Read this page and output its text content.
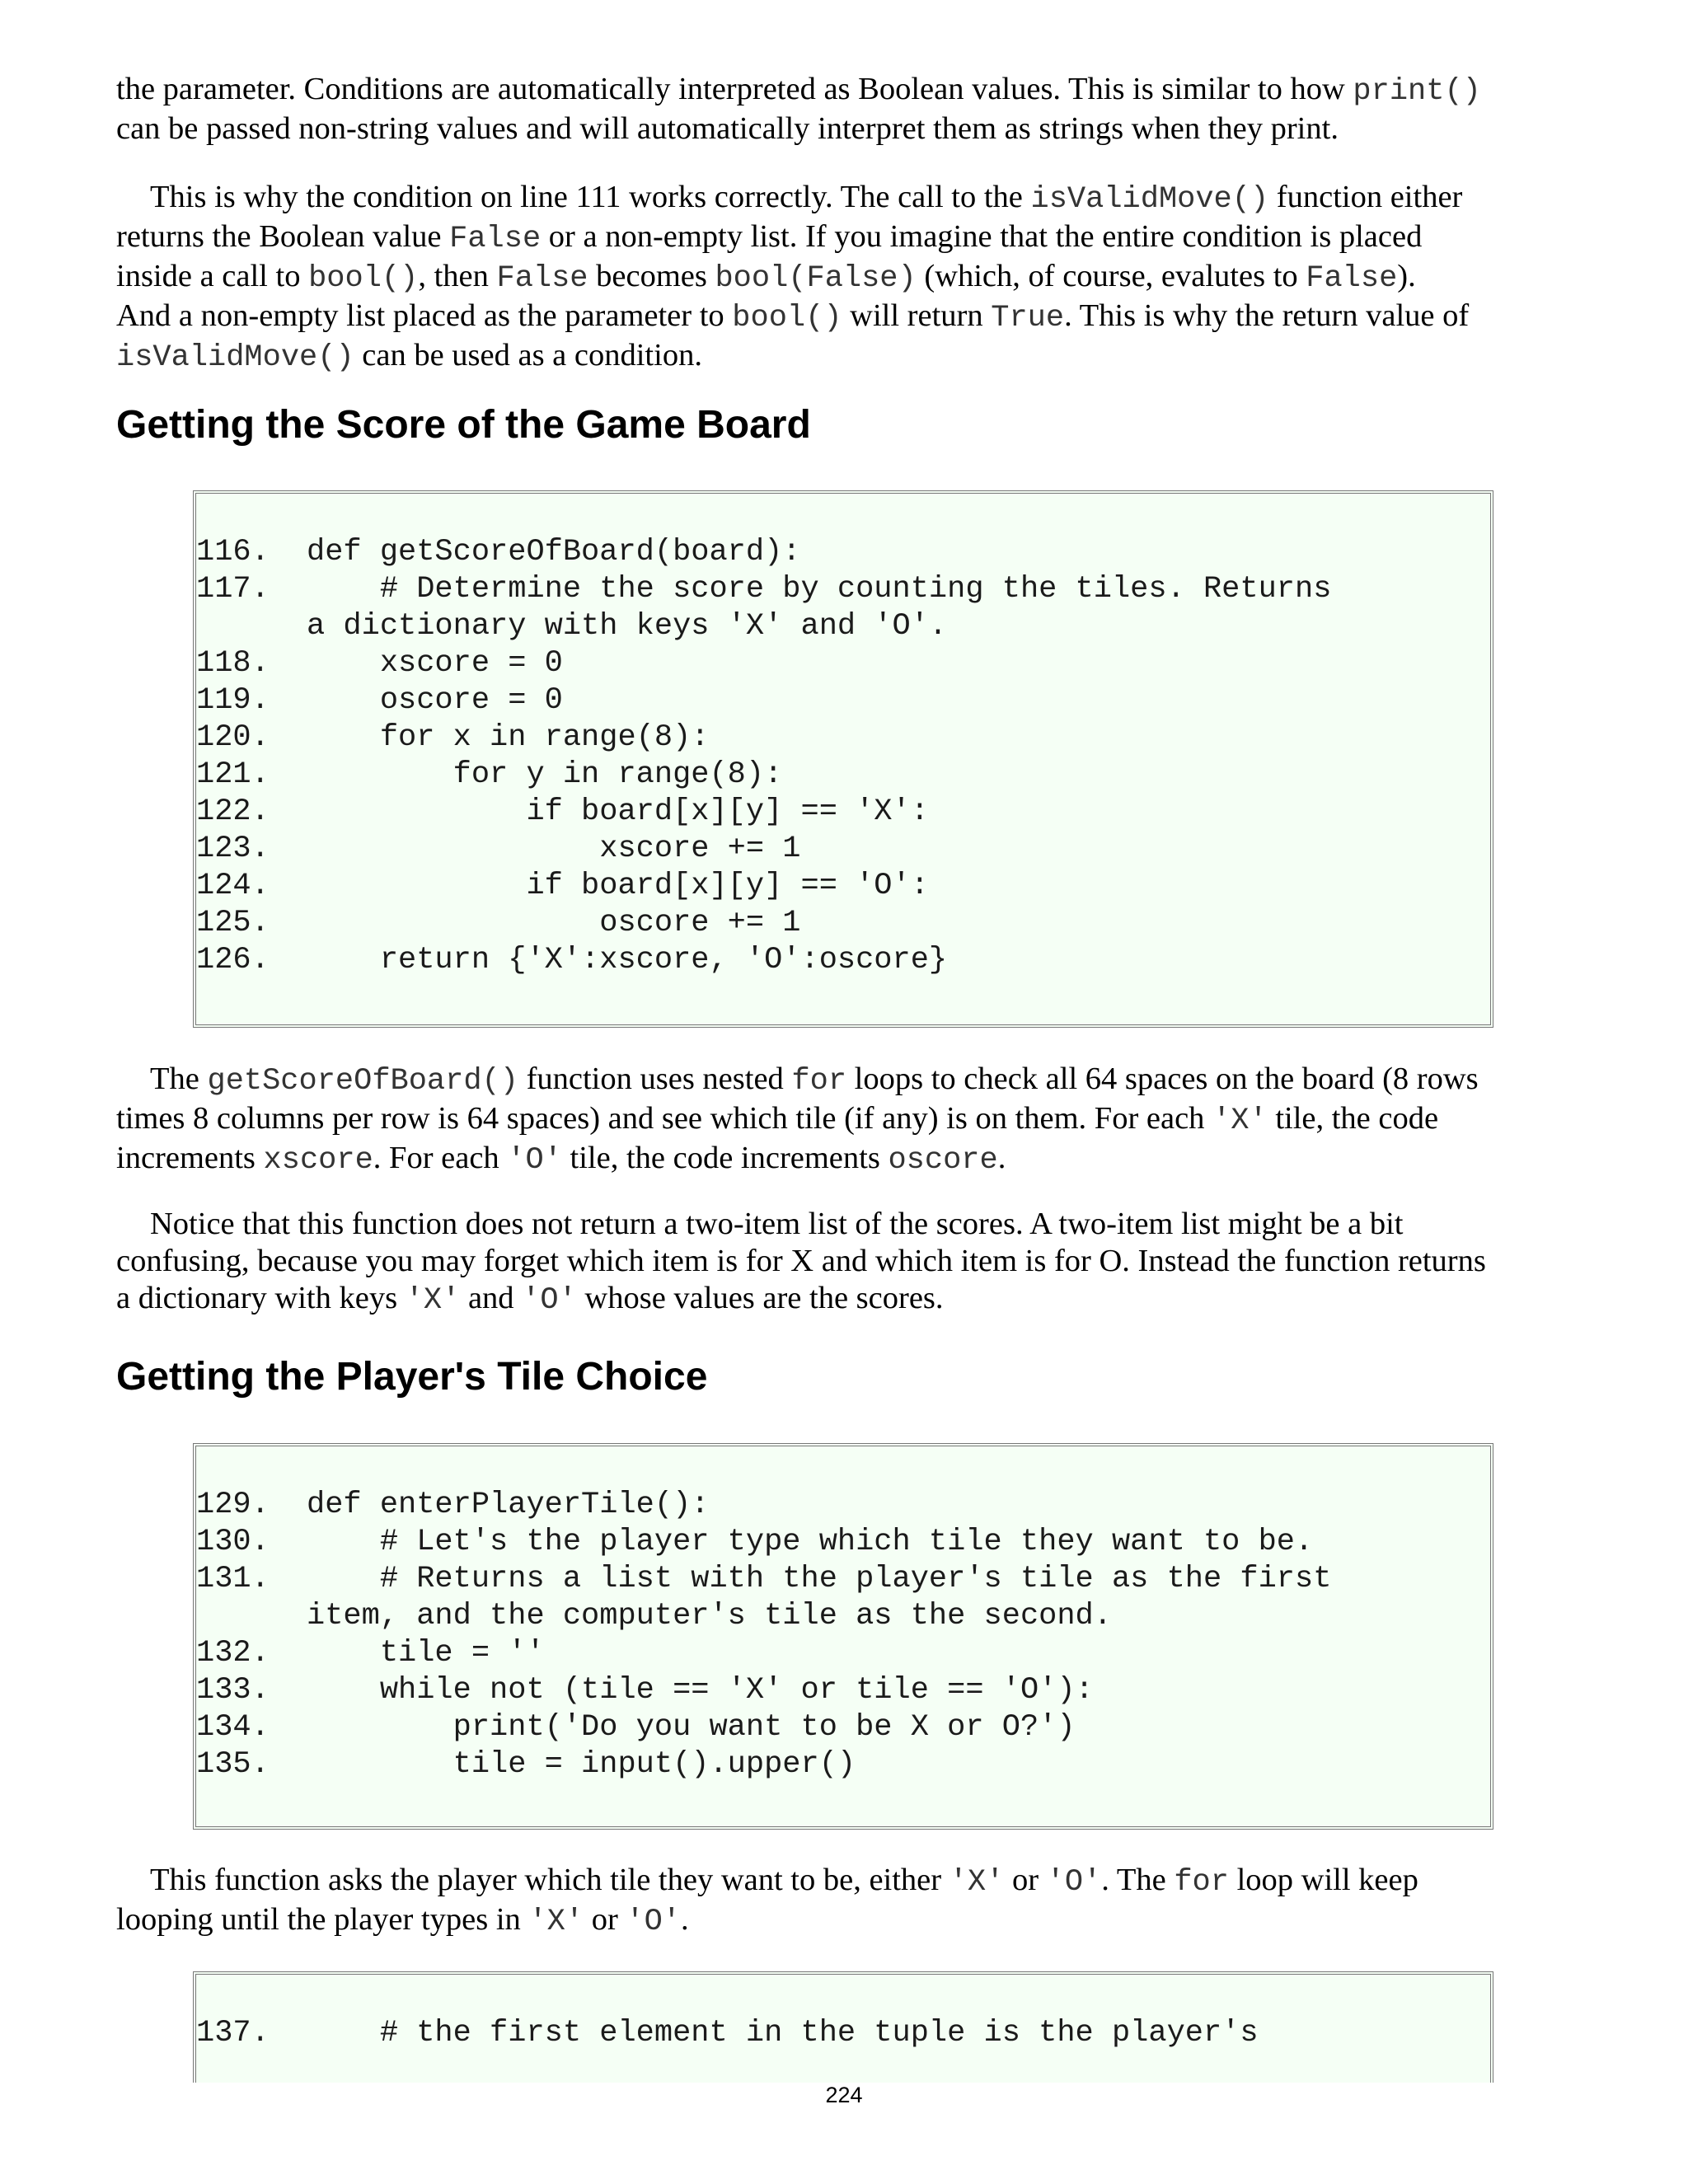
the parameter. Conditions are automatically interpreted as Boolean values. This is similar to how print()
can be passed non-string values and will automatically interpret them as strings when they print.

This is why the condition on line 111 works correctly. The call to the isValidMove() function either
returns the Boolean value False or a non-empty list. If you imagine that the entire condition is placed
inside a call to bool(), then False becomes bool(False) (which, of course, evalutes to False).
And a non-empty list placed as the parameter to bool() will return True. This is why the return value of
isValidMove() can be used as a condition.

Getting the Score of the Game Board
116. def getScoreOfBoard(board):
117.    # Determine the score by counting the tiles. Returns
a dictionary with keys 'X' and 'O'.
118.    xscore = 0
119.    oscore = 0
120.    for x in range(8):
121.        for y in range(8):
122.            if board[x][y] == 'X':
123.                xscore += 1
124.            if board[x][y] == 'O':
125.                oscore += 1
126.    return {'X':xscore, 'O':oscore}

The getScoreOfBoard() function uses nested for loops to check all 64 spaces on the board (8 rows
times 8 columns per row is 64 spaces) and see which tile (if any) is on them. For each 'X' tile, the code
increments xscore. For each 'O' tile, the code increments oscore.

Notice that this function does not return a two-item list of the scores. A two-item list might be a bit
confusing, because you may forget which item is for X and which item is for O. Instead the function returns
a dictionary with keys 'X' and 'O' whose values are the scores.

Getting the Player's Tile Choice
129. def enterPlayerTile():
130.    # Let's the player type which tile they want to be.
131.    # Returns a list with the player's tile as the first
item, and the computer's tile as the second.
132.    tile = ''
133.    while not (tile == 'X' or tile == 'O'):
134.        print('Do you want to be X or O?')
135.        tile = input().upper()

This function asks the player which tile they want to be, either 'X' or 'O'. The for loop will keep
looping until the player types in 'X' or 'O'.

137.    # the first element in the tuple is the player's
224
